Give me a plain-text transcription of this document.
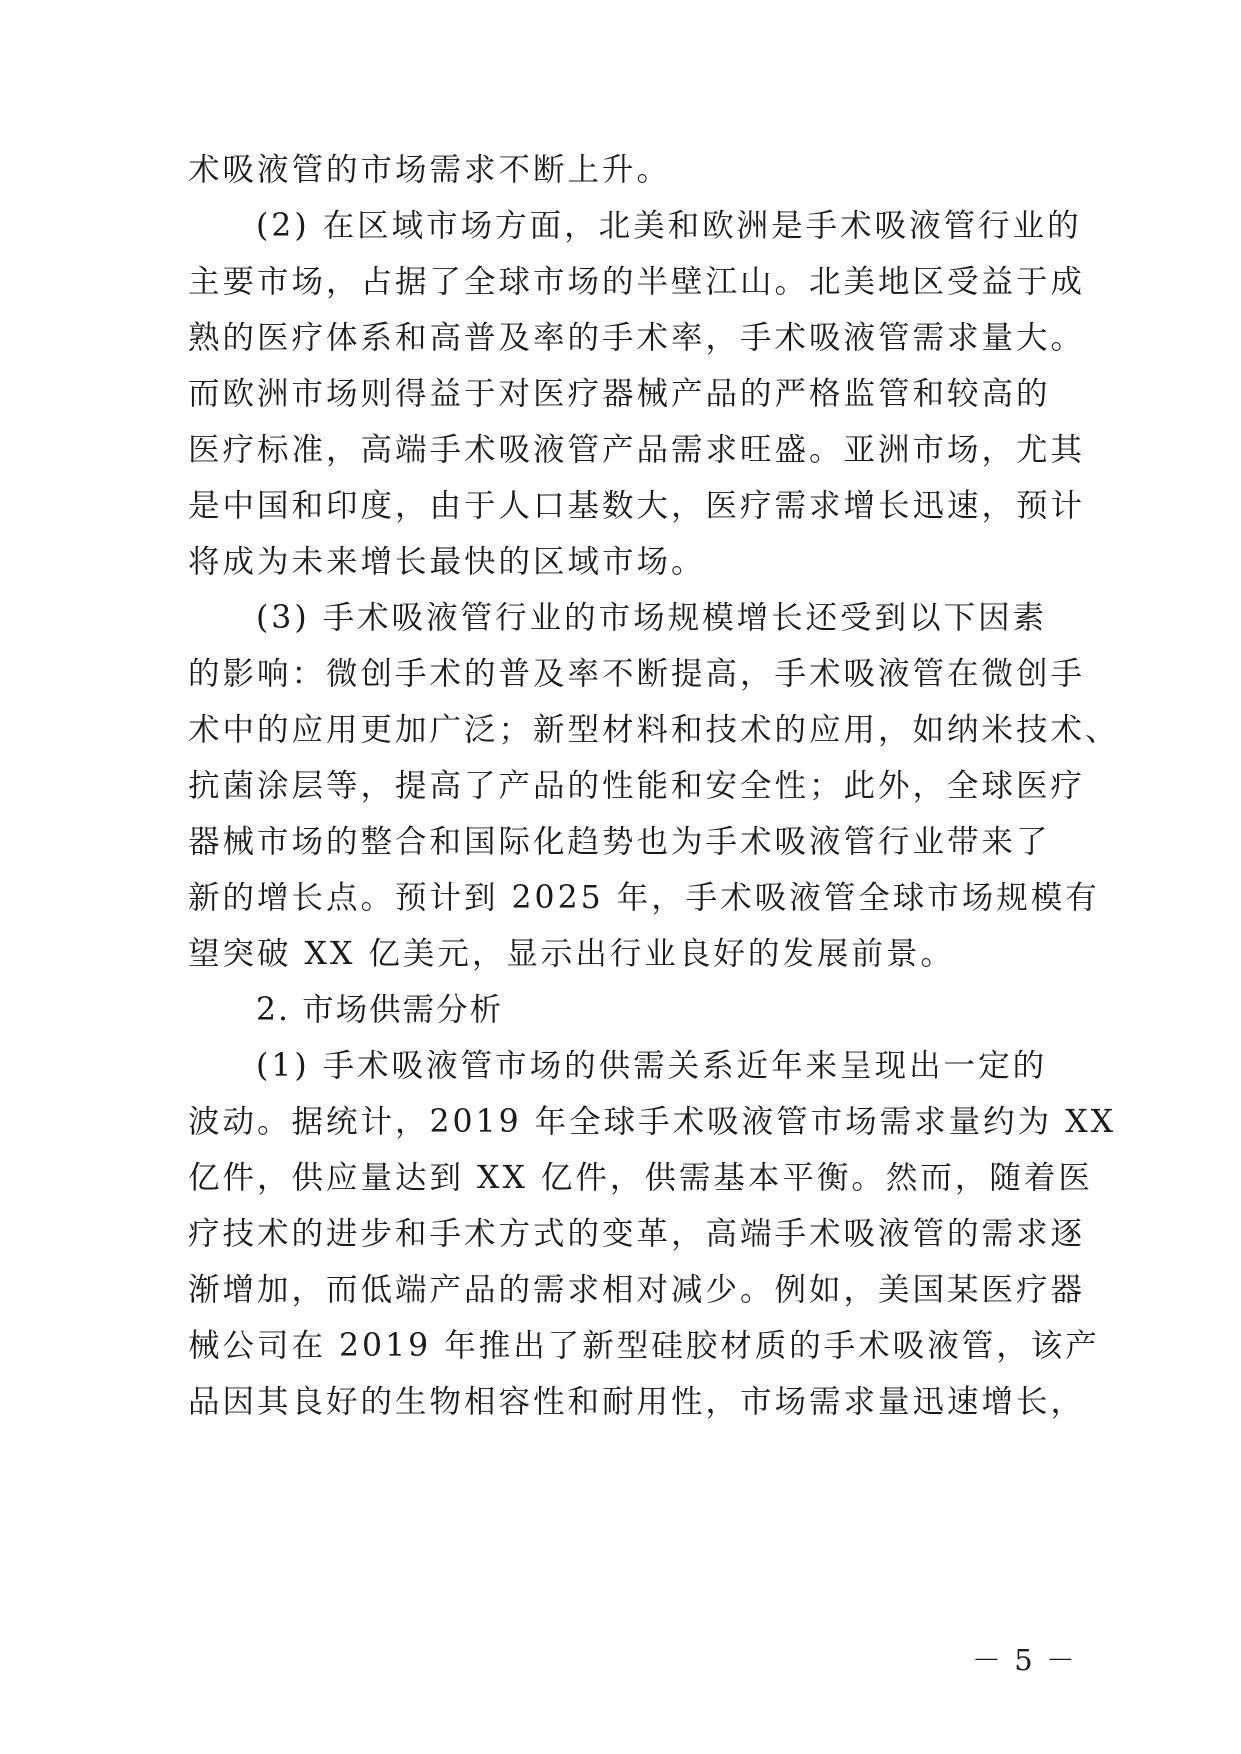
术吸液管的市场需求不断上升。
(2) 在区域市场方面，北美和欧洲是手术吸液管行业的
主要市场，占据了全球市场的半壁江山。北美地区受益于成
熟的医疗体系和高普及率的手术率，手术吸液管需求量大。
而欧洲市场则得益于对医疗器械产品的严格监管和较高的
医疗标准，高端手术吸液管产品需求旺盛。亚洲市场，尤其
是中国和印度，由于人口基数大，医疗需求增长迅速，预计
将成为未来增长最快的区域市场。
(3) 手术吸液管行业的市场规模增长还受到以下因素
的影响：微创手术的普及率不断提高，手术吸液管在微创手
术中的应用更加广泛；新型材料和技术的应用，如纳米技术、
抗菌涂层等，提高了产品的性能和安全性；此外，全球医疗
器械市场的整合和国际化趋势也为手术吸液管行业带来了
新的增长点。预计到 2025 年，手术吸液管全球市场规模有
望突破 XX 亿美元，显示出行业良好的发展前景。
2. 市场供需分析
(1) 手术吸液管市场的供需关系近年来呈现出一定的
波动。据统计，2019 年全球手术吸液管市场需求量约为 XX
亿件，供应量达到 XX 亿件，供需基本平衡。然而，随着医
疗技术的进步和手术方式的变革，高端手术吸液管的需求逐
渐增加，而低端产品的需求相对减少。例如，美国某医疗器
械公司在 2019 年推出了新型硅胶材质的手术吸液管，该产
品因其良好的生物相容性和耐用性，市场需求量迅速增长，
－ 5 －
